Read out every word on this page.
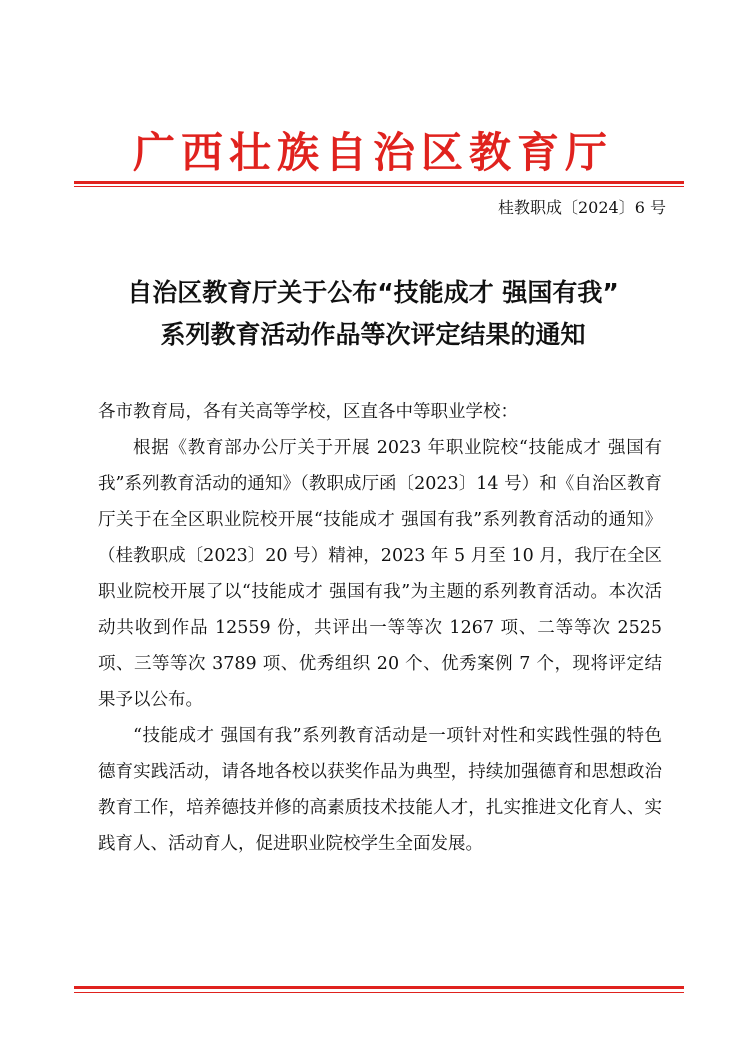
广西壮族自治区教育厅
桂教职成〔2024〕6 号
自治区教育厅关于公布“技能成才 强国有我”
系列教育活动作品等次评定结果的通知

各市教育局，各有关高等学校，区直各中等职业学校：

根据《教育部办公厅关于开展 2023 年职业院校“技能成才 强国有我”系列教育活动的通知》（教职成厅函〔2023〕14 号）和《自治区教育厅关于在全区职业院校开展“技能成才 强国有我”系列教育活动的通知》（桂教职成〔2023〕20 号）精神，2023 年 5 月至 10 月，我厅在全区职业院校开展了以“技能成才 强国有我”为主题的系列教育活动。本次活动共收到作品 12559 份，共评出一等等次 1267 项、二等等次 2525 项、三等等次 3789 项、优秀组织 20 个、优秀案例 7 个，现将评定结果予以公布。

“技能成才 强国有我”系列教育活动是一项针对性和实践性强的特色德育实践活动，请各地各校以获奖作品为典型，持续加强德育和思想政治教育工作，培养德技并修的高素质技术技能人才，扎实推进文化育人、实践育人、活动育人，促进职业院校学生全面发展。
